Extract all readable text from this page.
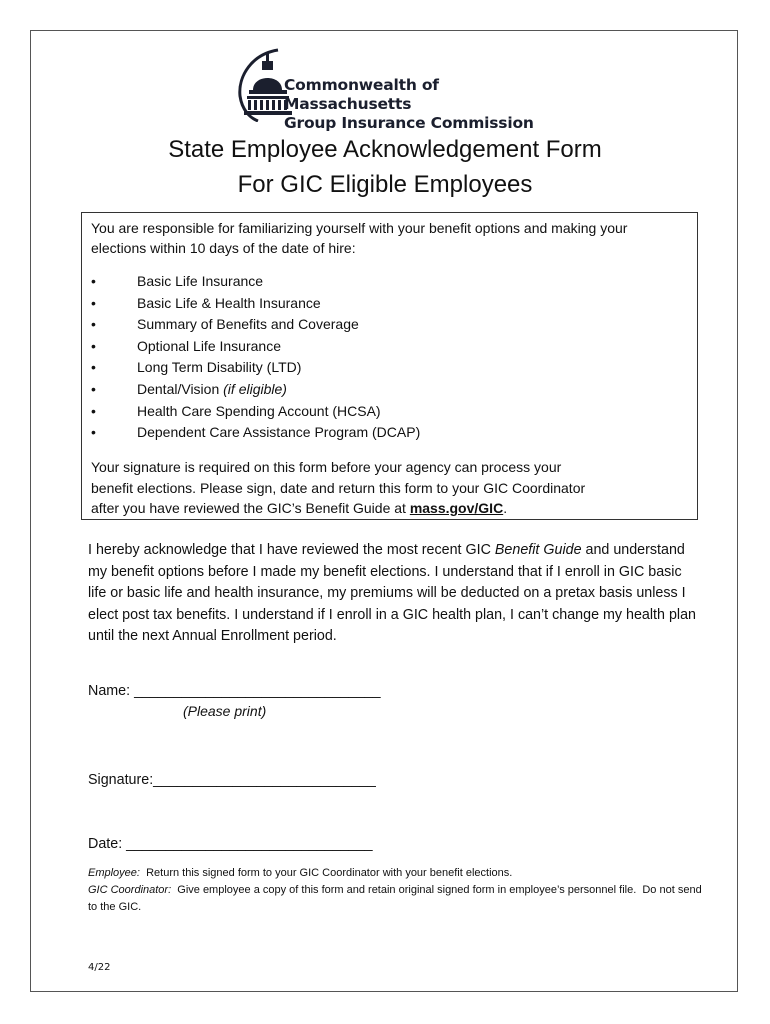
Commonwealth of Massachusetts
Group Insurance Commission
State Employee Acknowledgement Form
For GIC Eligible Employees

You are responsible for familiarizing yourself with your benefit options and making your elections within 10 days of the date of hire:

•	Basic Life Insurance
•	Basic Life & Health Insurance
•	Summary of Benefits and Coverage
•	Optional Life Insurance
•	Long Term Disability (LTD)
•	Dental/Vision (if eligible)
•	Health Care Spending Account (HCSA)
•	Dependent Care Assistance Program (DCAP)

Your signature is required on this form before your agency can process your
benefit elections. Please sign, date and return this form to your GIC Coordinator
after you have reviewed the GIC’s Benefit Guide at mass.gov/GIC.

I hereby acknowledge that I have reviewed the most recent GIC Benefit Guide and understand my benefit options before I made my benefit elections. I understand that if I enroll in GIC basic life or basic life and health insurance, my premiums will be deducted on a pretax basis unless I elect post tax benefits. I understand if I enroll in a GIC health plan, I can’t change my health plan until the next Annual Enrollment period.

Name: _______________________________
(Please print)
Signature:____________________________
Date: _______________________________

Employee:  Return this signed form to your GIC Coordinator with your benefit elections.
GIC Coordinator:  Give employee a copy of this form and retain original signed form in employee’s personnel file.  Do not send to the GIC.

4/22
